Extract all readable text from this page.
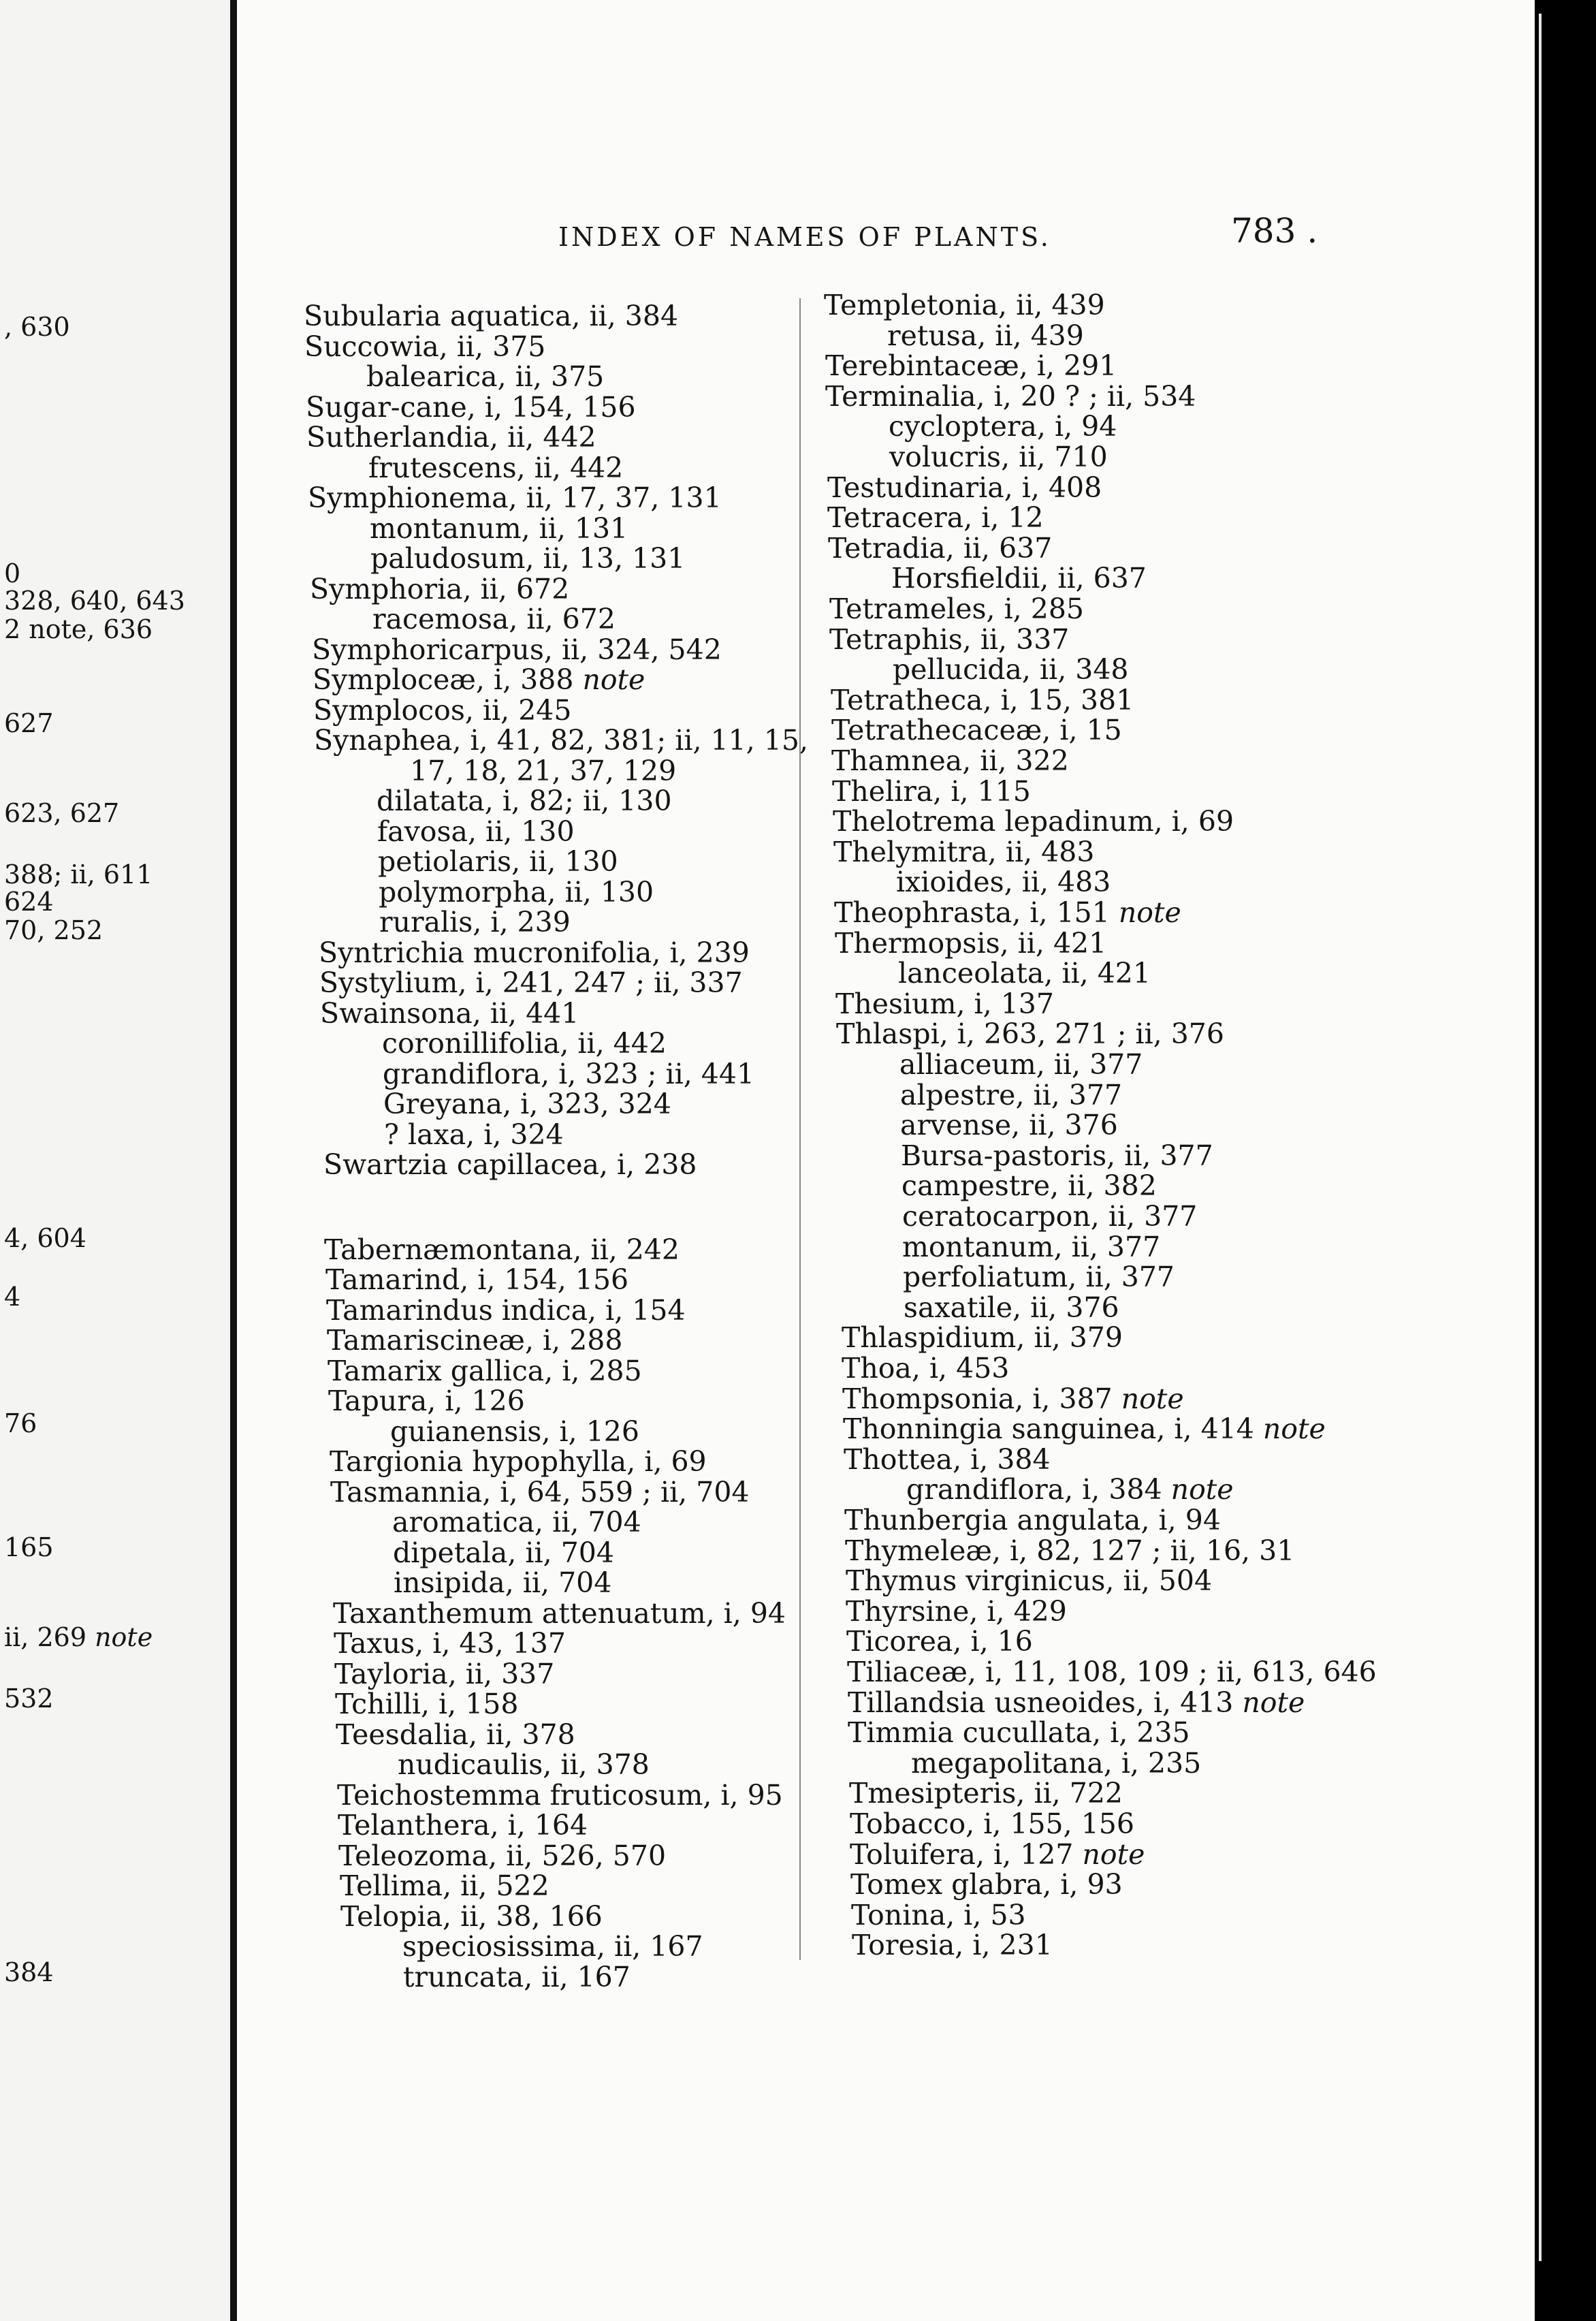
, 630
0
328, 640, 643
2 note, 636
627
623, 627
388; ii, 611
624
70, 252
4, 604
4
76
165
ii, 269 note
532
384
INDEX OF NAMES OF PLANTS.	783 .
Subularia aquatica, ii, 384
Succowia, ii, 375
balearica, ii, 375
Sugar-cane, i, 154, 156
Sutherlandia, ii, 442
frutescens, ii, 442
Symphionema, ii, 17, 37, 131
montanum, ii, 131
paludosum, ii, 13, 131
Symphoria, ii, 672
racemosa, ii, 672
Symphoricarpus, ii, 324, 542
Symploceæ, i, 388 note
Symplocos, ii, 245
Synaphea, i, 41, 82, 381; ii, 11, 15,
17, 18, 21, 37, 129
dilatata, i, 82; ii, 130
favosa, ii, 130
petiolaris, ii, 130
polymorpha, ii, 130
ruralis, i, 239
Syntrichia mucronifolia, i, 239
Systylium, i, 241, 247 ; ii, 337
Swainsona, ii, 441
coronillifolia, ii, 442
grandiflora, i, 323 ; ii, 441
Greyana, i, 323, 324
? laxa, i, 324
Swartzia capillacea, i, 238
Tabernæmontana, ii, 242
Tamarind, i, 154, 156
Tamarindus indica, i, 154
Tamariscineæ, i, 288
Tamarix gallica, i, 285
Tapura, i, 126
guianensis, i, 126
Targionia hypophylla, i, 69
Tasmannia, i, 64, 559 ; ii, 704
aromatica, ii, 704
dipetala, ii, 704
insipida, ii, 704
Taxanthemum attenuatum, i, 94
Taxus, i, 43, 137
Tayloria, ii, 337
Tchilli, i, 158
Teesdalia, ii, 378
nudicaulis, ii, 378
Teichostemma fruticosum, i, 95
Telanthera, i, 164
Teleozoma, ii, 526, 570
Tellima, ii, 522
Telopia, ii, 38, 166
speciosissima, ii, 167
truncata, ii, 167
Templetonia, ii, 439
retusa, ii, 439
Terebintaceæ, i, 291
Terminalia, i, 20 ? ; ii, 534
cycloptera, i, 94
volucris, ii, 710
Testudinaria, i, 408
Tetracera, i, 12
Tetradia, ii, 637
Horsfieldii, ii, 637
Tetrameles, i, 285
Tetraphis, ii, 337
pellucida, ii, 348
Tetratheca, i, 15, 381
Tetrathecaceæ, i, 15
Thamnea, ii, 322
Thelira, i, 115
Thelotrema lepadinum, i, 69
Thelymitra, ii, 483
ixioides, ii, 483
Theophrasta, i, 151 note
Thermopsis, ii, 421
lanceolata, ii, 421
Thesium, i, 137
Thlaspi, i, 263, 271 ; ii, 376
alliaceum, ii, 377
alpestre, ii, 377
arvense, ii, 376
Bursa-pastoris, ii, 377
campestre, ii, 382
ceratocarpon, ii, 377
montanum, ii, 377
perfoliatum, ii, 377
saxatile, ii, 376
Thlaspidium, ii, 379
Thoa, i, 453
Thompsonia, i, 387 note
Thonningia sanguinea, i, 414 note
Thottea, i, 384
grandiflora, i, 384 note
Thunbergia angulata, i, 94
Thymeleæ, i, 82, 127 ; ii, 16, 31
Thymus virginicus, ii, 504
Thyrsine, i, 429
Ticorea, i, 16
Tiliaceæ, i, 11, 108, 109 ; ii, 613, 646
Tillandsia usneoides, i, 413 note
Timmia cucullata, i, 235
megapolitana, i, 235
Tmesipteris, ii, 722
Tobacco, i, 155, 156
Toluifera, i, 127 note
Tomex glabra, i, 93
Tonina, i, 53
Toresia, i, 231
